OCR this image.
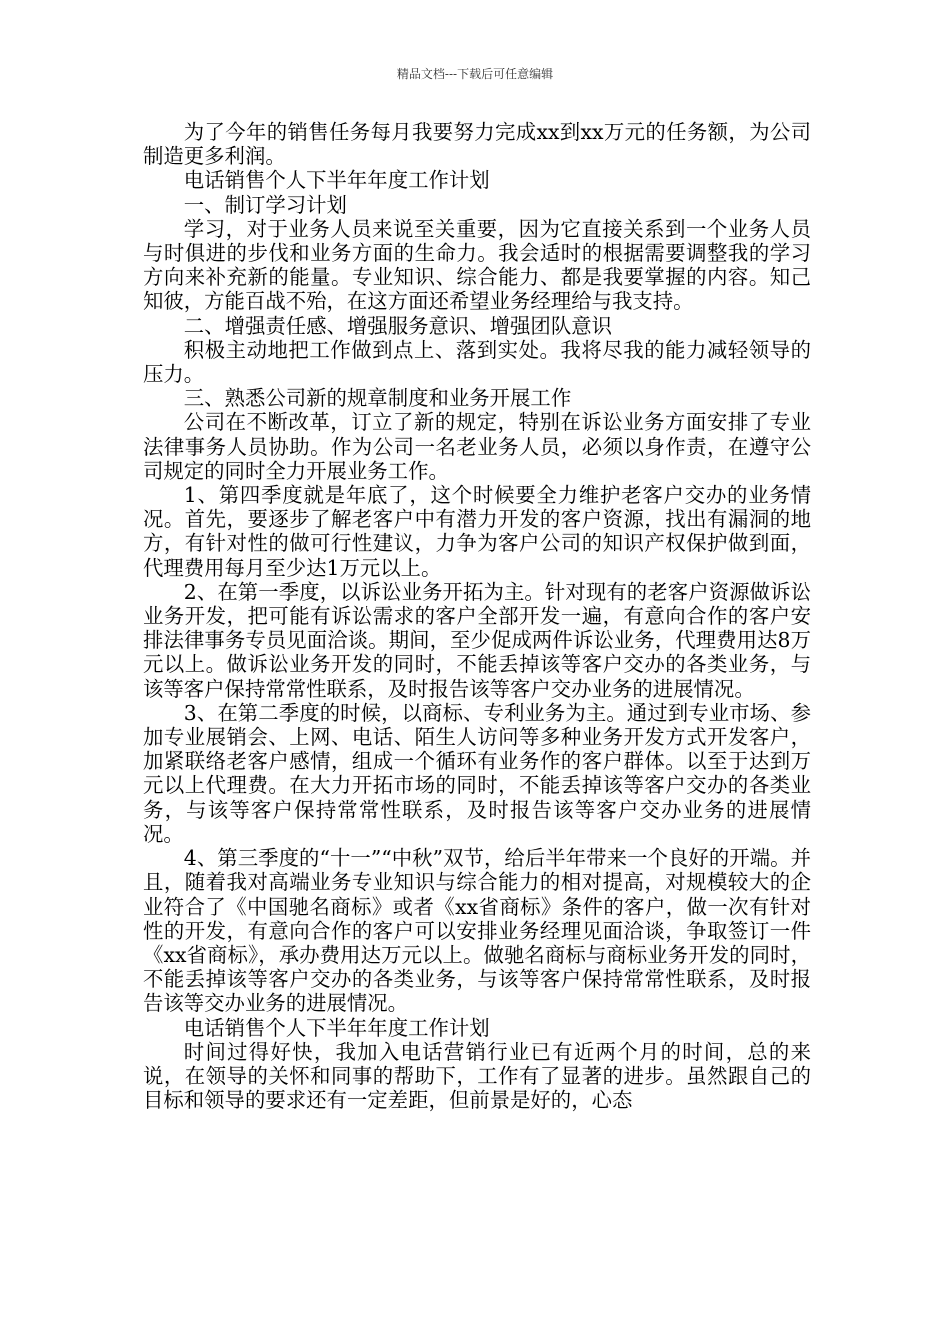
精品文档---下载后可任意编辑

为了今年的销售任务每月我要努力完成xx到xx万元的任务额，为公司制造更多利润。

电话销售个人下半年年度工作计划

一、制订学习计划

学习，对于业务人员来说至关重要，因为它直接关系到一个业务人员与时俱进的步伐和业务方面的生命力。我会适时的根据需要调整我的学习方向来补充新的能量。专业知识、综合能力、都是我要掌握的内容。知己知彼，方能百战不殆，在这方面还希望业务经理给与我支持。

二、增强责任感、增强服务意识、增强团队意识

积极主动地把工作做到点上、落到实处。我将尽我的能力减轻领导的压力。

三、熟悉公司新的规章制度和业务开展工作

公司在不断改革，订立了新的规定，特别在诉讼业务方面安排了专业法律事务人员协助。作为公司一名老业务人员，必须以身作责，在遵守公司规定的同时全力开展业务工作。

1、第四季度就是年底了，这个时候要全力维护老客户交办的业务情况。首先，要逐步了解老客户中有潜力开发的客户资源，找出有漏洞的地方，有针对性的做可行性建议，力争为客户公司的知识产权保护做到面，代理费用每月至少达1万元以上。

2、在第一季度，以诉讼业务开拓为主。针对现有的老客户资源做诉讼业务开发，把可能有诉讼需求的客户全部开发一遍，有意向合作的客户安排法律事务专员见面洽谈。期间，至少促成两件诉讼业务，代理费用达8万元以上。做诉讼业务开发的同时，不能丢掉该等客户交办的各类业务，与该等客户保持常常性联系，及时报告该等客户交办业务的进展情况。

3、在第二季度的时候，以商标、专利业务为主。通过到专业市场、参加专业展销会、上网、电话、陌生人访问等多种业务开发方式开发客户，加紧联络老客户感情，组成一个循环有业务作的客户群体。以至于达到万元以上代理费。在大力开拓市场的同时，不能丢掉该等客户交办的各类业务，与该等客户保持常常性联系，及时报告该等客户交办业务的进展情况。

4、第三季度的“十一”“中秋”双节，给后半年带来一个良好的开端。并且，随着我对高端业务专业知识与综合能力的相对提高，对规模较大的企业符合了《中国驰名商标》或者《xx省商标》条件的客户，做一次有针对性的开发，有意向合作的客户可以安排业务经理见面洽谈，争取签订一件《xx省商标》，承办费用达万元以上。做驰名商标与商标业务开发的同时，不能丢掉该等客户交办的各类业务，与该等客户保持常常性联系，及时报告该等交办业务的进展情况。

电话销售个人下半年年度工作计划

时间过得好快，我加入电话营销行业已有近两个月的时间，总的来说，在领导的关怀和同事的帮助下，工作有了显著的进步。虽然跟自己的目标和领导的要求还有一定差距，但前景是好的，心态
